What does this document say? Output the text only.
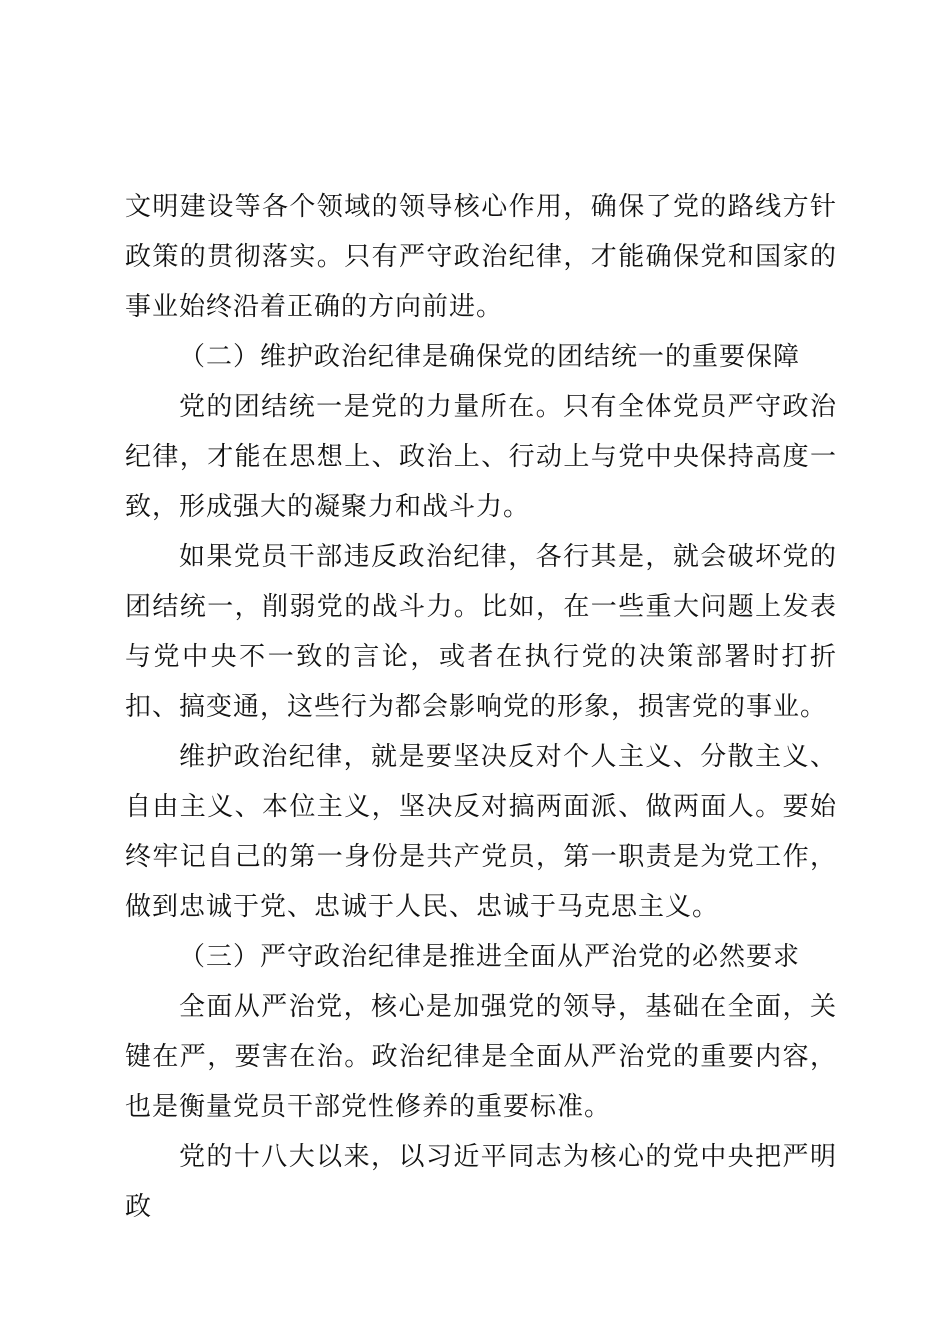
文明建设等各个领域的领导核心作用，确保了党的路线方针政策的贯彻落实。只有严守政治纪律，才能确保党和国家的事业始终沿着正确的方向前进。

（二）维护政治纪律是确保党的团结统一的重要保障

党的团结统一是党的力量所在。只有全体党员严守政治纪律，才能在思想上、政治上、行动上与党中央保持高度一致，形成强大的凝聚力和战斗力。

如果党员干部违反政治纪律，各行其是，就会破坏党的团结统一，削弱党的战斗力。比如，在一些重大问题上发表与党中央不一致的言论，或者在执行党的决策部署时打折扣、搞变通，这些行为都会影响党的形象，损害党的事业。

维护政治纪律，就是要坚决反对个人主义、分散主义、自由主义、本位主义，坚决反对搞两面派、做两面人。要始终牢记自己的第一身份是共产党员，第一职责是为党工作，做到忠诚于党、忠诚于人民、忠诚于马克思主义。

（三）严守政治纪律是推进全面从严治党的必然要求

全面从严治党，核心是加强党的领导，基础在全面，关键在严，要害在治。政治纪律是全面从严治党的重要内容，也是衡量党员干部党性修养的重要标准。

党的十八大以来，以习近平同志为核心的党中央把严明政
